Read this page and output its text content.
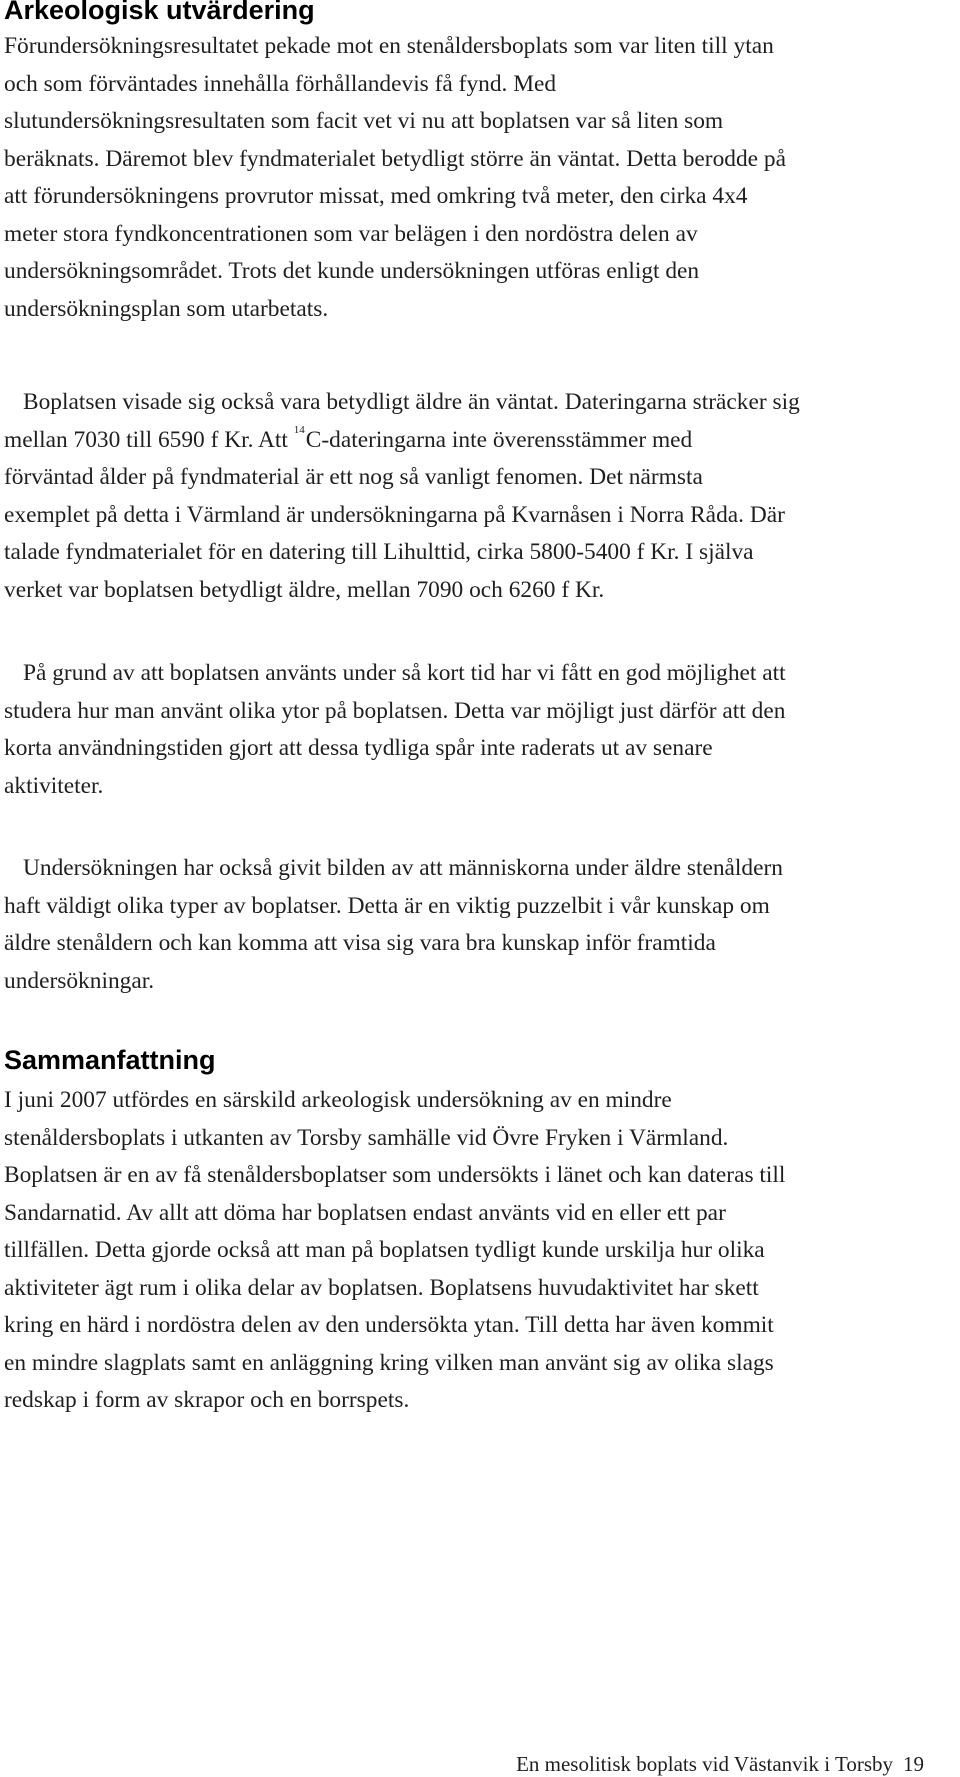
Arkeologisk utvärdering
Förundersökningsresultatet pekade mot en stenåldersboplats som var liten till ytan
och som förväntades innehålla förhållandevis få fynd. Med
slutundersökningsresultaten som facit vet vi nu att boplatsen var så liten som
beräknats. Däremot blev fyndmaterialet betydligt större än väntat. Detta berodde på
att förundersökningens provrutor missat, med omkring två meter, den cirka 4x4
meter stora fyndkoncentrationen som var belägen i den nordöstra delen av
undersökningsområdet. Trots det kunde undersökningen utföras enligt den
undersökningsplan som utarbetats.
Boplatsen visade sig också vara betydligt äldre än väntat. Dateringarna sträcker sig
mellan 7030 till 6590 f Kr. Att $^{14}$C-dateringarna inte överensstämmer med
förväntad ålder på fyndmaterial är ett nog så vanligt fenomen. Det närmsta
exemplet på detta i Värmland är undersökningarna på Kvarnåsen i Norra Råda. Där
talade fyndmaterialet för en datering till Lihulttid, cirka 5800-5400 f Kr. I själva
verket var boplatsen betydligt äldre, mellan 7090 och 6260 f Kr.
På grund av att boplatsen använts under så kort tid har vi fått en god möjlighet att
studera hur man använt olika ytor på boplatsen. Detta var möjligt just därför att den
korta användningstiden gjort att dessa tydliga spår inte raderats ut av senare
aktiviteter.
Undersökningen har också givit bilden av att människorna under äldre stenåldern
haft väldigt olika typer av boplatser. Detta är en viktig puzzelbit i vår kunskap om
äldre stenåldern och kan komma att visa sig vara bra kunskap inför framtida
undersökningar.
Sammanfattning
I juni 2007 utfördes en särskild arkeologisk undersökning av en mindre
stenåldersboplats i utkanten av Torsby samhälle vid Övre Fryken i Värmland.
Boplatsen är en av få stenåldersboplatser som undersökts i länet och kan dateras till
Sandarnatid. Av allt att döma har boplatsen endast använts vid en eller ett par
tillfällen. Detta gjorde också att man på boplatsen tydligt kunde urskilja hur olika
aktiviteter ägt rum i olika delar av boplatsen. Boplatsens huvudaktivitet har skett
kring en härd i nordöstra delen av den undersökta ytan. Till detta har även kommit
en mindre slagplats samt en anläggning kring vilken man använt sig av olika slags
redskap i form av skrapor och en borrspets.
En mesolitisk boplats vid Västanvik i Torsby 19
